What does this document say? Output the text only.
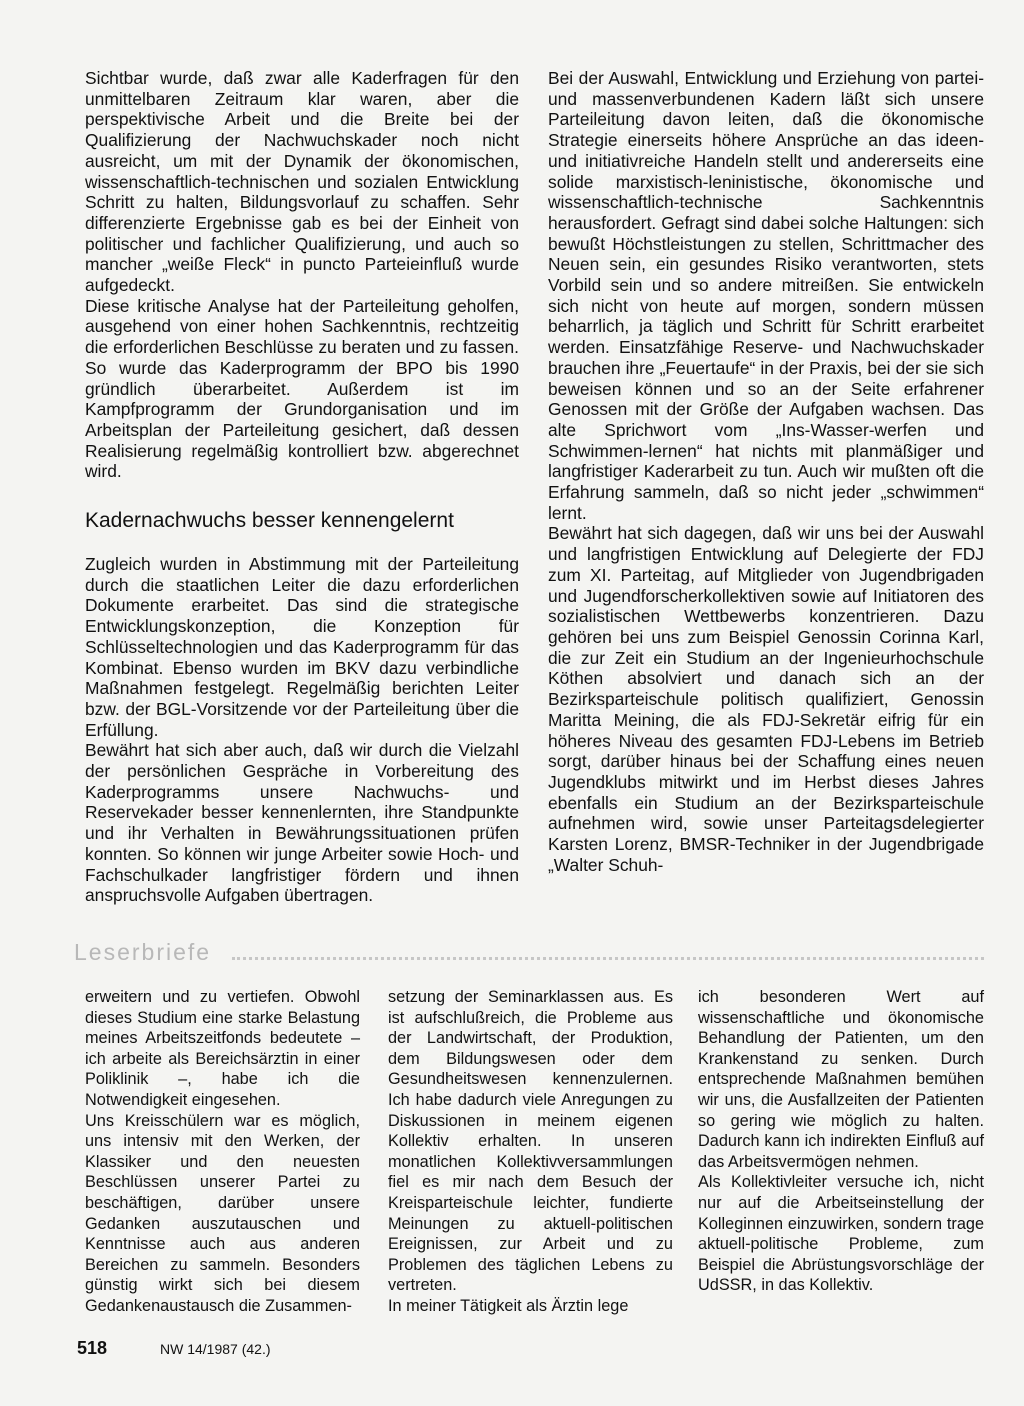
Sichtbar wurde, daß zwar alle Kaderfragen für den unmittelbaren Zeitraum klar waren, aber die perspektivische Arbeit und die Breite bei der Qualifizierung der Nachwuchskader noch nicht ausreicht, um mit der Dynamik der ökonomischen, wissenschaftlich-technischen und sozialen Entwicklung Schritt zu halten, Bildungsvorlauf zu schaffen. Sehr differenzierte Ergebnisse gab es bei der Einheit von politischer und fachlicher Qualifizierung, und auch so mancher „weiße Fleck“ in puncto Parteieinfluß wurde aufgedeckt.

Diese kritische Analyse hat der Parteileitung geholfen, ausgehend von einer hohen Sachkenntnis, rechtzeitig die erforderlichen Beschlüsse zu beraten und zu fassen. So wurde das Kaderprogramm der BPO bis 1990 gründlich überarbeitet. Außerdem ist im Kampfprogramm der Grundorganisation und im Arbeitsplan der Parteileitung gesichert, daß dessen Realisierung regelmäßig kontrolliert bzw. abgerechnet wird.

Kadernachwuchs besser kennengelernt

Zugleich wurden in Abstimmung mit der Parteileitung durch die staatlichen Leiter die dazu erforderlichen Dokumente erarbeitet. Das sind die strategische Entwicklungskonzeption, die Konzeption für Schlüsseltechnologien und das Kaderprogramm für das Kombinat. Ebenso wurden im BKV dazu verbindliche Maßnahmen festgelegt. Regelmäßig berichten Leiter bzw. der BGL-Vorsitzende vor der Parteileitung über die Erfüllung.

Bewährt hat sich aber auch, daß wir durch die Vielzahl der persönlichen Gespräche in Vorbereitung des Kaderprogramms unsere Nachwuchs- und Reservekader besser kennenlernten, ihre Standpunkte und ihr Verhalten in Bewährungssituationen prüfen konnten. So können wir junge Arbeiter sowie Hoch- und Fachschulkader langfristiger fördern und ihnen anspruchsvolle Aufgaben übertragen.

Bei der Auswahl, Entwicklung und Erziehung von partei- und massenverbundenen Kadern läßt sich unsere Parteileitung davon leiten, daß die ökonomische Strategie einerseits höhere Ansprüche an das ideen- und initiativreiche Handeln stellt und andererseits eine solide marxistisch-leninistische, ökonomische und wissenschaftlich-technische Sachkenntnis herausfordert. Gefragt sind dabei solche Haltungen: sich bewußt Höchstleistungen zu stellen, Schrittmacher des Neuen sein, ein gesundes Risiko verantworten, stets Vorbild sein und so andere mitreißen. Sie entwickeln sich nicht von heute auf morgen, sondern müssen beharrlich, ja täglich und Schritt für Schritt erarbeitet werden. Einsatzfähige Reserve- und Nachwuchskader brauchen ihre „Feuertaufe“ in der Praxis, bei der sie sich beweisen können und so an der Seite erfahrener Genossen mit der Größe der Aufgaben wachsen. Das alte Sprichwort vom „Ins-Wasser-werfen und Schwimmen-lernen“ hat nichts mit planmäßiger und langfristiger Kaderarbeit zu tun. Auch wir mußten oft die Erfahrung sammeln, daß so nicht jeder „schwimmen“ lernt.

Bewährt hat sich dagegen, daß wir uns bei der Auswahl und langfristigen Entwicklung auf Delegierte der FDJ zum XI. Parteitag, auf Mitglieder von Jugendbrigaden und Jugendforscherkollektiven sowie auf Initiatoren des sozialistischen Wettbewerbs konzentrieren. Dazu gehören bei uns zum Beispiel Genossin Corinna Karl, die zur Zeit ein Studium an der Ingenieurhochschule Köthen absolviert und danach sich an der Bezirksparteischule politisch qualifiziert, Genossin Maritta Meining, die als FDJ-Sekretär eifrig für ein höheres Niveau des gesamten FDJ-Lebens im Betrieb sorgt, darüber hinaus bei der Schaffung eines neuen Jugendklubs mitwirkt und im Herbst dieses Jahres ebenfalls ein Studium an der Bezirksparteischule aufnehmen wird, sowie unser Parteitagsdelegierter Karsten Lorenz, BMSR-Techniker in der Jugendbrigade „Walter Schuh-

Leserbriefe

erweitern und zu vertiefen. Obwohl dieses Studium eine starke Belastung meines Arbeitszeitfonds bedeutete – ich arbeite als Bereichsärztin in einer Poliklinik –, habe ich die Notwendigkeit eingesehen.

Uns Kreisschülern war es möglich, uns intensiv mit den Werken, der Klassiker und den neuesten Beschlüssen unserer Partei zu beschäftigen, darüber unsere Gedanken auszutauschen und Kenntnisse auch aus anderen Bereichen zu sammeln. Besonders günstig wirkt sich bei diesem Gedankenaustausch die Zusammen-

setzung der Seminarklassen aus. Es ist aufschlußreich, die Probleme aus der Landwirtschaft, der Produktion, dem Bildungswesen oder dem Gesundheitswesen kennenzulernen. Ich habe dadurch viele Anregungen zu Diskussionen in meinem eigenen Kollektiv erhalten. In unseren monatlichen Kollektivversammlungen fiel es mir nach dem Besuch der Kreisparteischule leichter, fundierte Meinungen zu aktuell-politischen Ereignissen, zur Arbeit und zu Problemen des täglichen Lebens zu vertreten.

In meiner Tätigkeit als Ärztin lege

ich besonderen Wert auf wissenschaftliche und ökonomische Behandlung der Patienten, um den Krankenstand zu senken. Durch entsprechende Maßnahmen bemühen wir uns, die Ausfallzeiten der Patienten so gering wie möglich zu halten. Dadurch kann ich indirekten Einfluß auf das Arbeitsvermögen nehmen.

Als Kollektivleiter versuche ich, nicht nur auf die Arbeitseinstellung der Kolleginnen einzuwirken, sondern trage aktuell-politische Probleme, zum Beispiel die Abrüstungsvorschläge der UdSSR, in das Kollektiv.

518	NW 14/1987 (42.)
